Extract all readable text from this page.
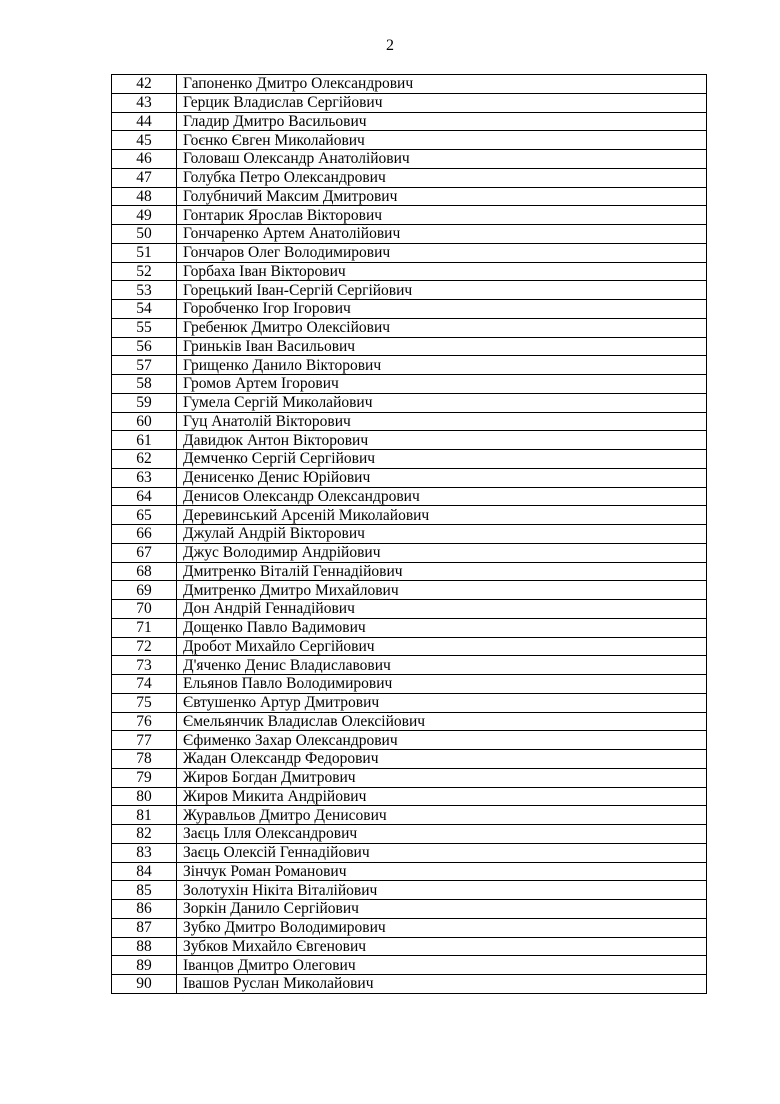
2
42	Гапоненко Дмитро Олександрович
43	Герцик Владислав Сергійович
44	Гладир Дмитро Васильович
45	Гоєнко Євген Миколайович
46	Головаш Олександр Анатолійович
47	Голубка Петро Олександрович
48	Голубничий Максим Дмитрович
49	Гонтарик Ярослав Вікторович
50	Гончаренко Артем Анатолійович
51	Гончаров Олег Володимирович
52	Горбаха Іван Вікторович
53	Горецький Іван-Сергій Сергійович
54	Горобченко Ігор Ігорович
55	Гребенюк Дмитро Олексійович
56	Гриньків Іван Васильович
57	Грищенко Данило Вікторович
58	Громов Артем Ігорович
59	Гумела Сергій Миколайович
60	Гуц Анатолій Вікторович
61	Давидюк Антон Вікторович
62	Демченко Сергій Сергійович
63	Денисенко Денис Юрійович
64	Денисов Олександр Олександрович
65	Деревинський Арсеній Миколайович
66	Джулай Андрій Вікторович
67	Джус Володимир Андрійович
68	Дмитренко Віталій Геннадійович
69	Дмитренко Дмитро Михайлович
70	Дон Андрій Геннадійович
71	Дощенко Павло Вадимович
72	Дробот Михайло Сергійович
73	Д'яченко Денис Владиславович
74	Ельянов Павло Володимирович
75	Євтушенко Артур Дмитрович
76	Ємельянчик Владислав Олексійович
77	Єфименко Захар Олександрович
78	Жадан Олександр Федорович
79	Жиров Богдан Дмитрович
80	Жиров Микита Андрійович
81	Журавльов Дмитро Денисович
82	Заєць Ілля Олександрович
83	Заєць Олексій Геннадійович
84	Зінчук Роман Романович
85	Золотухін Нікіта Віталійович
86	Зоркін Данило Сергійович
87	Зубко Дмитро Володимирович
88	Зубков Михайло Євгенович
89	Іванцов Дмитро Олегович
90	Івашов Руслан Миколайович
